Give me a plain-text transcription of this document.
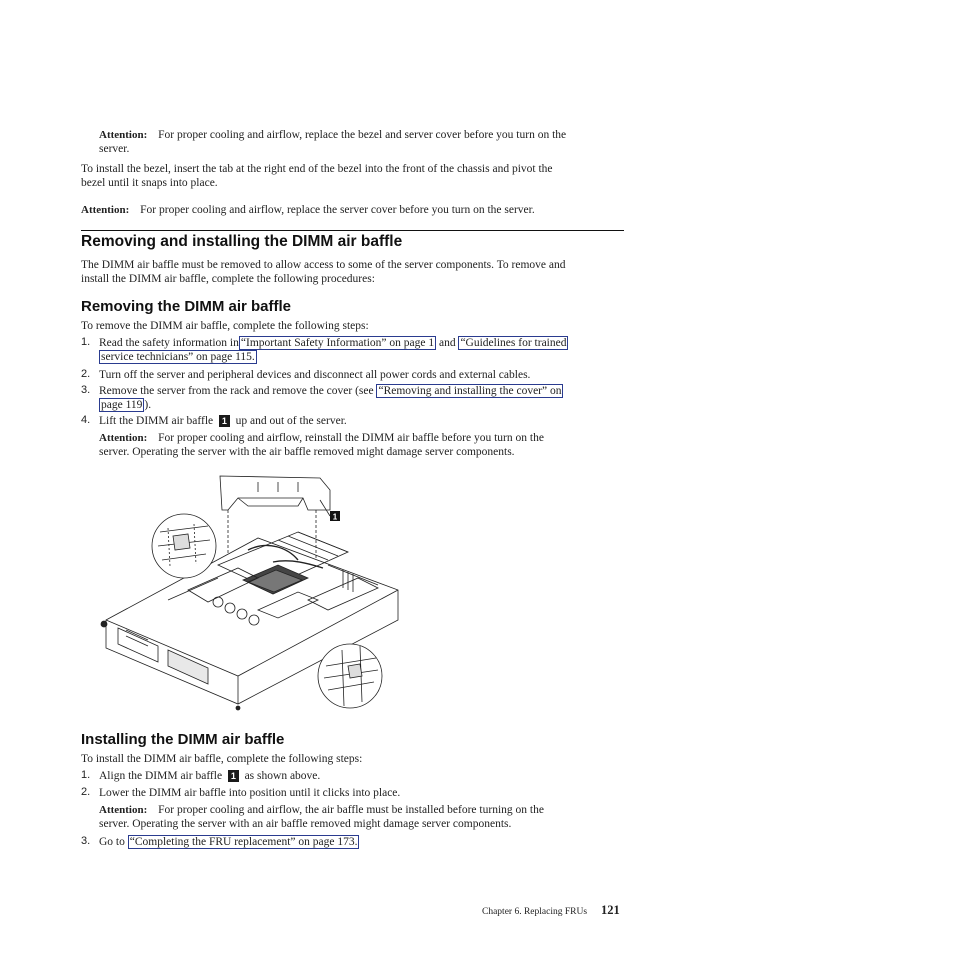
Attention: For proper cooling and airflow, replace the bezel and server cover before you turn on the
server.
To install the bezel, insert the tab at the right end of the bezel into the front of the chassis and pivot the
bezel until it snaps into place.
Attention: For proper cooling and airflow, replace the server cover before you turn on the server.
Removing and installing the DIMM air baffle
The DIMM air baffle must be removed to allow access to some of the server components. To remove and
install the DIMM air baffle, complete the following procedures:
Removing the DIMM air baffle
To remove the DIMM air baffle, complete the following steps:
1. Read the safety information in “Important Safety Information” on page 1 and “Guidelines for trained
service technicians” on page 115.
2. Turn off the server and peripheral devices and disconnect all power cords and external cables.
3. Remove the server from the rack and remove the cover (see “Removing and installing the cover” on
page 119 ).
4. Lift the DIMM air baffle 1 up and out of the server.
Attention: For proper cooling and airflow, reinstall the DIMM air baffle before you turn on the
server. Operating the server with the air baffle removed might damage server components.
1
Installing the DIMM air baffle
To install the DIMM air baffle, complete the following steps:
1. Align the DIMM air baffle 1 as shown above.
2. Lower the DIMM air baffle into position until it clicks into place.
Attention: For proper cooling and airflow, the air baffle must be installed before turning on the
server. Operating the server with an air baffle removed might damage server components.
3. Go to “Completing the FRU replacement” on page 173.
Chapter 6. Replacing FRUs 121
